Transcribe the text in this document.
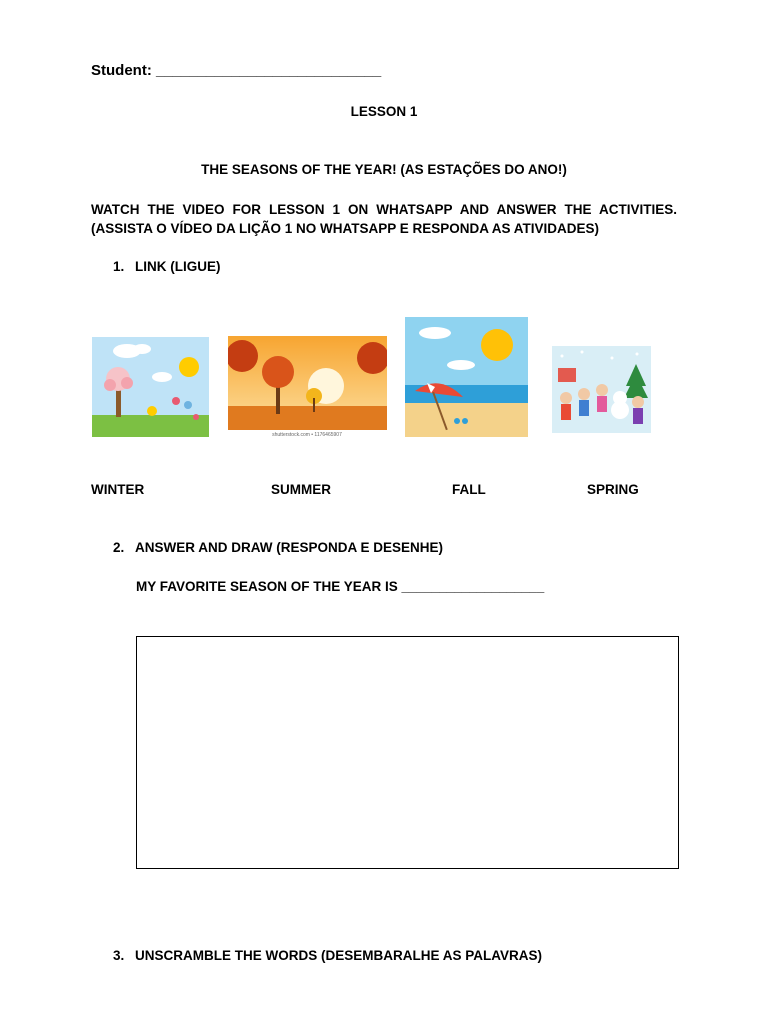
Student: ___________________________
LESSON 1
THE SEASONS OF THE YEAR! (AS ESTAÇÕES DO ANO!)
WATCH THE VIDEO FOR LESSON 1 ON WHATSAPP AND ANSWER THE ACTIVITIES.(ASSISTA O VÍDEO DA LIÇÃO 1 NO WHATSAPP E RESPONDA AS ATIVIDADES)
1. LINK (LIGUE)
shutterstock.com • 1176465907
WINTER	SUMMER	FALL	SPRING
2. ANSWER AND DRAW (RESPONDA E DESENHE)
MY FAVORITE SEASON OF THE YEAR IS ___________________
3. UNSCRAMBLE THE WORDS (DESEMBARALHE AS PALAVRAS)
